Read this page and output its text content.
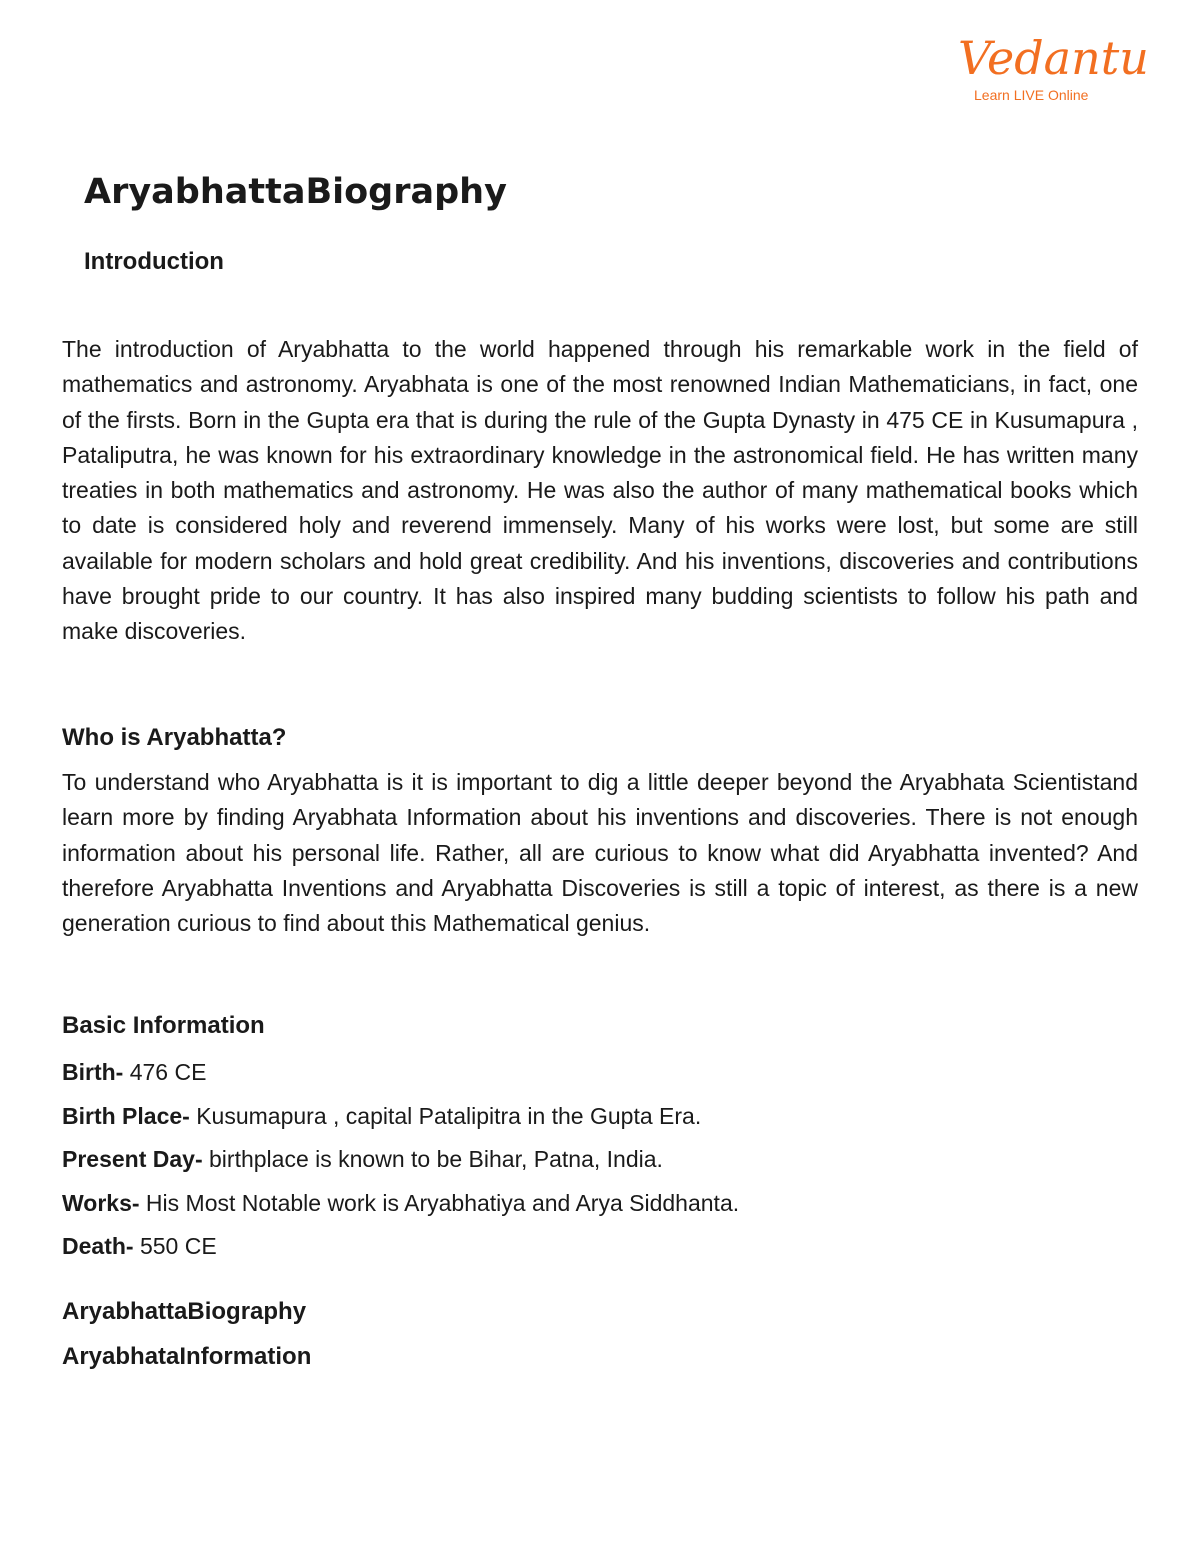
Vedantu
Learn LIVE Online
AryabhattaBiography
Introduction

The introduction of Aryabhatta to the world happened through his remarkable work in the field of mathematics and astronomy. Aryabhata is one of the most renowned Indian Mathematicians, in fact, one of the firsts. Born in the Gupta era that is during the rule of the Gupta Dynasty in 475 CE in Kusumapura , Pataliputra, he was known for his extraordinary knowledge in the astronomical field. He has written many treaties in both mathematics and astronomy. He was also the author of many mathematical books which to date is considered holy and reverend immensely. Many of his works were lost, but some are still available for modern scholars and hold great credibility. And his inventions, discoveries and contributions have brought pride to our country. It has also inspired many budding scientists to follow his path and make discoveries.

Who is Aryabhatta?

To understand who Aryabhatta is it is important to dig a little deeper beyond the Aryabhata Scientistand learn more by finding Aryabhata Information about his inventions and discoveries. There is not enough information about his personal life. Rather, all are curious to know what did Aryabhatta invented? And therefore Aryabhatta Inventions and Aryabhatta Discoveries is still a topic of interest, as there is a new generation curious to find about this Mathematical genius.

Basic Information
Birth- 476 CE
Birth Place- Kusumapura , capital Patalipitra in the Gupta Era.
Present Day- birthplace is known to be Bihar, Patna, India.
Works- His Most Notable work is Aryabhatiya and Arya Siddhanta.
Death- 550 CE
AryabhattaBiography
AryabhataInformation
